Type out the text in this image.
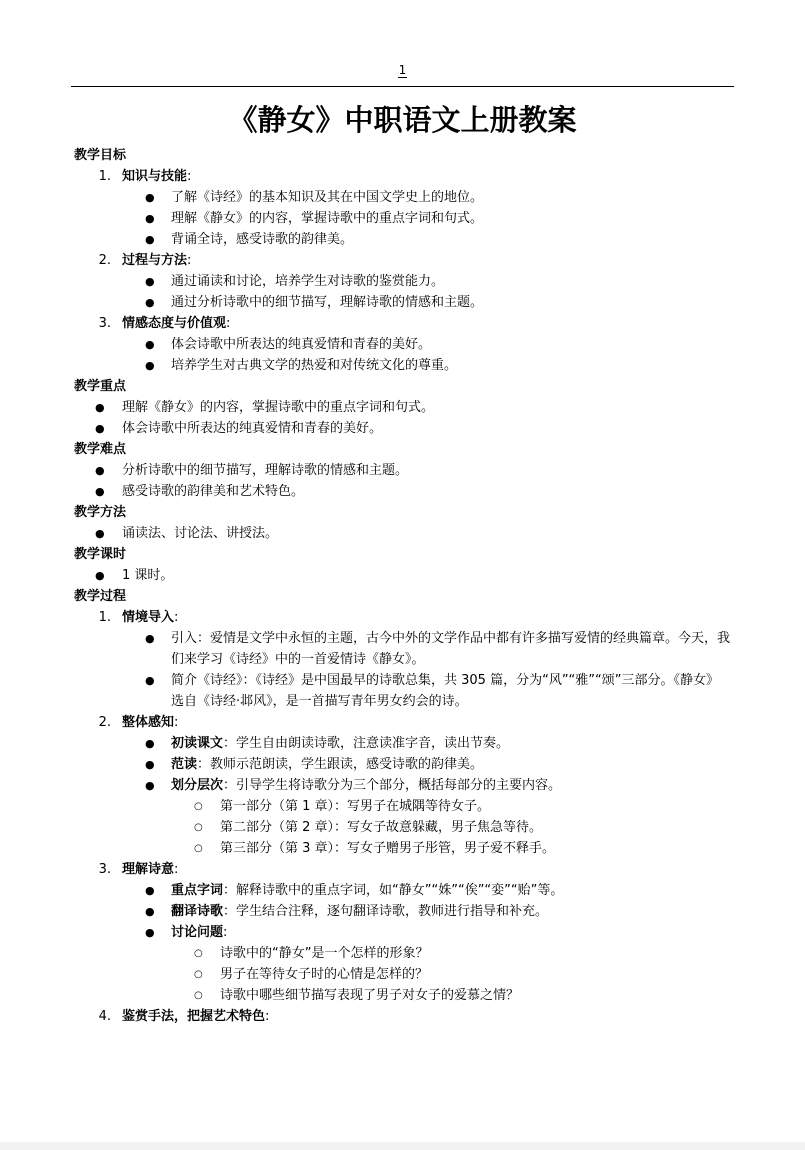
1
《静女》中职语文上册教案
教学目标
1. 知识与技能:
● 了解《诗经》的基本知识及其在中国文学史上的地位。
● 理解《静女》的内容，掌握诗歌中的重点字词和句式。
● 背诵全诗，感受诗歌的韵律美。
2. 过程与方法:
● 通过诵读和讨论，培养学生对诗歌的鉴赏能力。
● 通过分析诗歌中的细节描写，理解诗歌的情感和主题。
3. 情感态度与价值观:
● 体会诗歌中所表达的纯真爱情和青春的美好。
● 培养学生对古典文学的热爱和对传统文化的尊重。
教学重点
● 理解《静女》的内容，掌握诗歌中的重点字词和句式。
● 体会诗歌中所表达的纯真爱情和青春的美好。
教学难点
● 分析诗歌中的细节描写，理解诗歌的情感和主题。
● 感受诗歌的韵律美和艺术特色。
教学方法
● 诵读法、讨论法、讲授法。
教学课时
● 1 课时。
教学过程
1. 情境导入:
● 引入：爱情是文学中永恒的主题，古今中外的文学作品中都有许多描写爱情的经典篇章。今天，我们来学习《诗经》中的一首爱情诗《静女》。
● 简介《诗经》：《诗经》是中国最早的诗歌总集，共 305 篇，分为“风”“雅”“颂”三部分。《静女》选自《诗经·邶风》，是一首描写青年男女约会的诗。
2. 整体感知:
● 初读课文：学生自由朗读诗歌，注意读准字音，读出节奏。
● 范读：教师示范朗读，学生跟读，感受诗歌的韵律美。
● 划分层次：引导学生将诗歌分为三个部分，概括每部分的主要内容。
○ 第一部分（第 1 章）：写男子在城隅等待女子。
○ 第二部分（第 2 章）：写女子故意躲藏，男子焦急等待。
○ 第三部分（第 3 章）：写女子赠男子彤管，男子爱不释手。
3. 理解诗意:
● 重点字词：解释诗歌中的重点字词，如“静女”“姝”“俟”“娈”“贻”等。
● 翻译诗歌：学生结合注释，逐句翻译诗歌，教师进行指导和补充。
● 讨论问题:
○ 诗歌中的“静女”是一个怎样的形象？
○ 男子在等待女子时的心情是怎样的？
○ 诗歌中哪些细节描写表现了男子对女子的爱慕之情？
4. 鉴赏手法，把握艺术特色:
